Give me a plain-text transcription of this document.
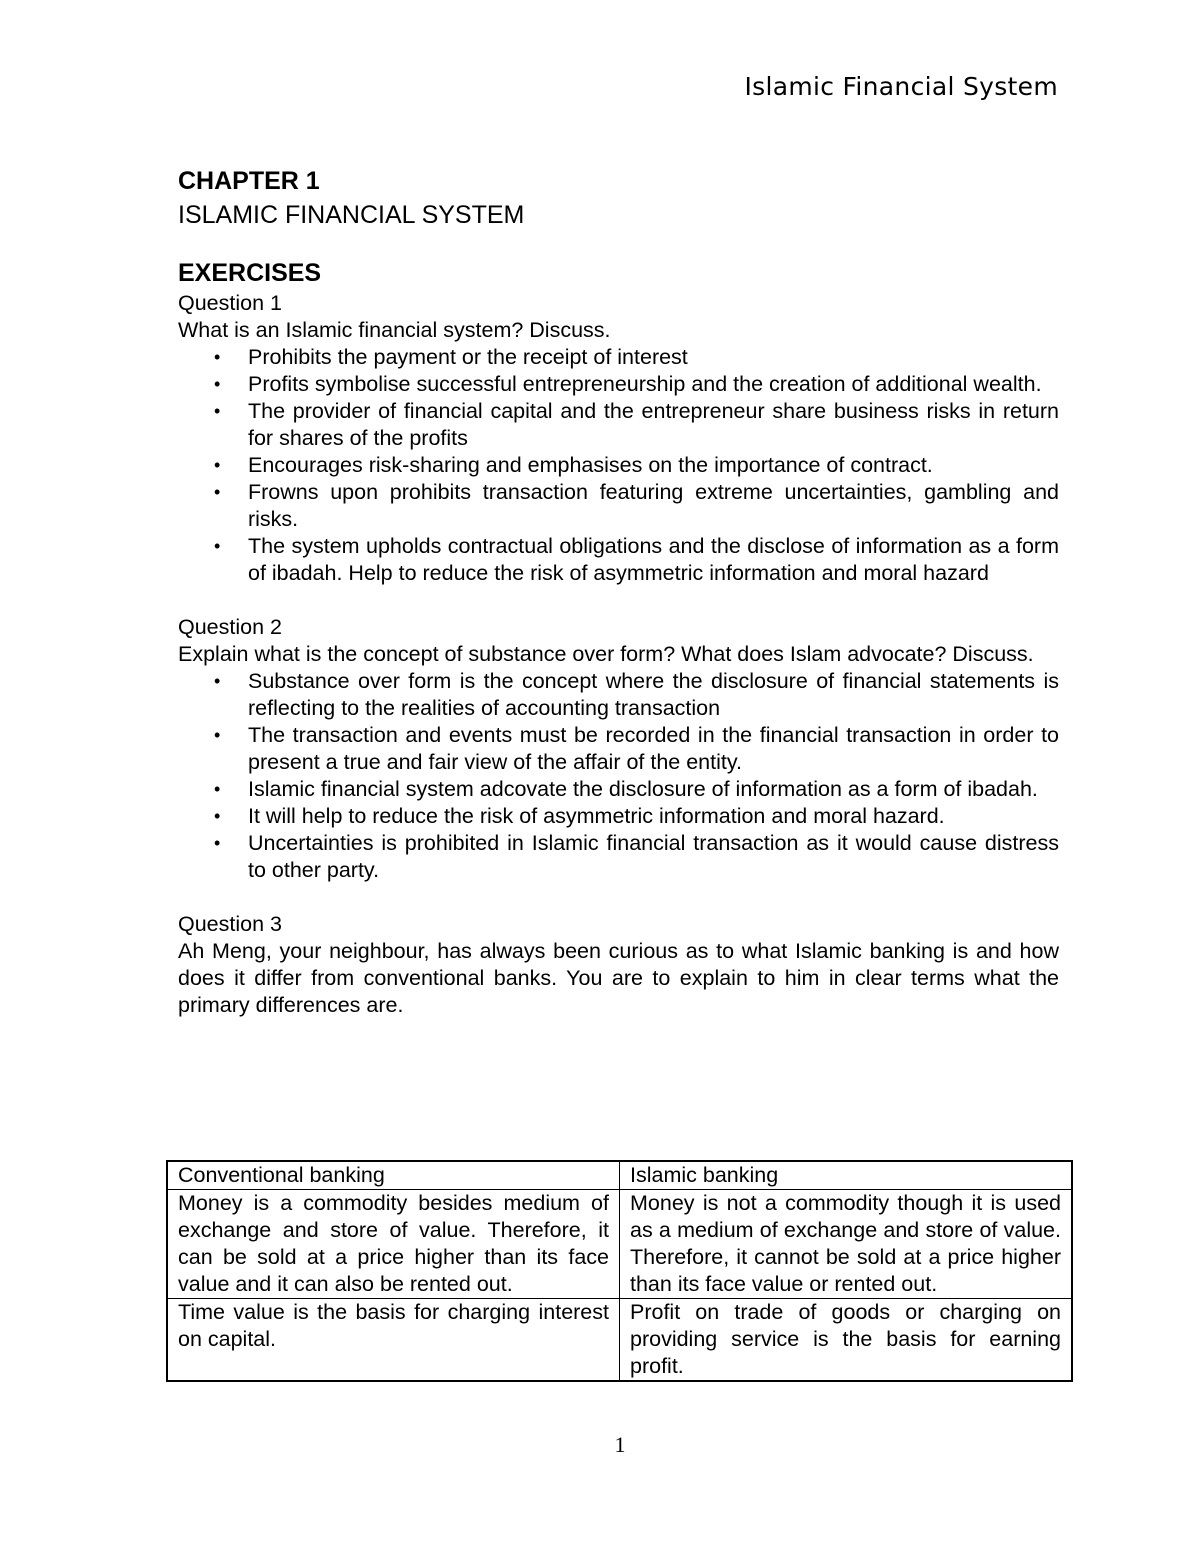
Islamic Financial System
CHAPTER 1
ISLAMIC FINANCIAL SYSTEM
EXERCISES
Question 1
What is an Islamic financial system? Discuss.
• Prohibits the payment or the receipt of interest
• Profits symbolise successful entrepreneurship and the creation of additional wealth.
• The provider of financial capital and the entrepreneur share business risks in return for shares of the profits
• Encourages risk-sharing and emphasises on the importance of contract.
• Frowns upon prohibits transaction featuring extreme uncertainties, gambling and risks.
• The system upholds contractual obligations and the disclose of information as a form of ibadah. Help to reduce the risk of asymmetric information and moral hazard
Question 2
Explain what is the concept of substance over form? What does Islam advocate? Discuss.
• Substance over form is the concept where the disclosure of financial statements is reflecting to the realities of accounting transaction
• The transaction and events must be recorded in the financial transaction in order to present a true and fair view of the affair of the entity.
• Islamic financial system adcovate the disclosure of information as a form of ibadah.
• It will help to reduce the risk of asymmetric information and moral hazard.
• Uncertainties is prohibited in Islamic financial transaction as it would cause distress to other party.
Question 3
Ah Meng, your neighbour, has always been curious as to what Islamic banking is and how does it differ from conventional banks. You are to explain to him in clear terms what the primary differences are.
Conventional banking	Islamic banking
Money is a commodity besides medium of exchange and store of value. Therefore, it can be sold at a price higher than its face value and it can also be rented out.	Money is not a commodity though it is used as a medium of exchange and store of value. Therefore, it cannot be sold at a price higher than its face value or rented out.
Time value is the basis for charging interest on capital.	Profit on trade of goods or charging on providing service is the basis for earning profit.
1
